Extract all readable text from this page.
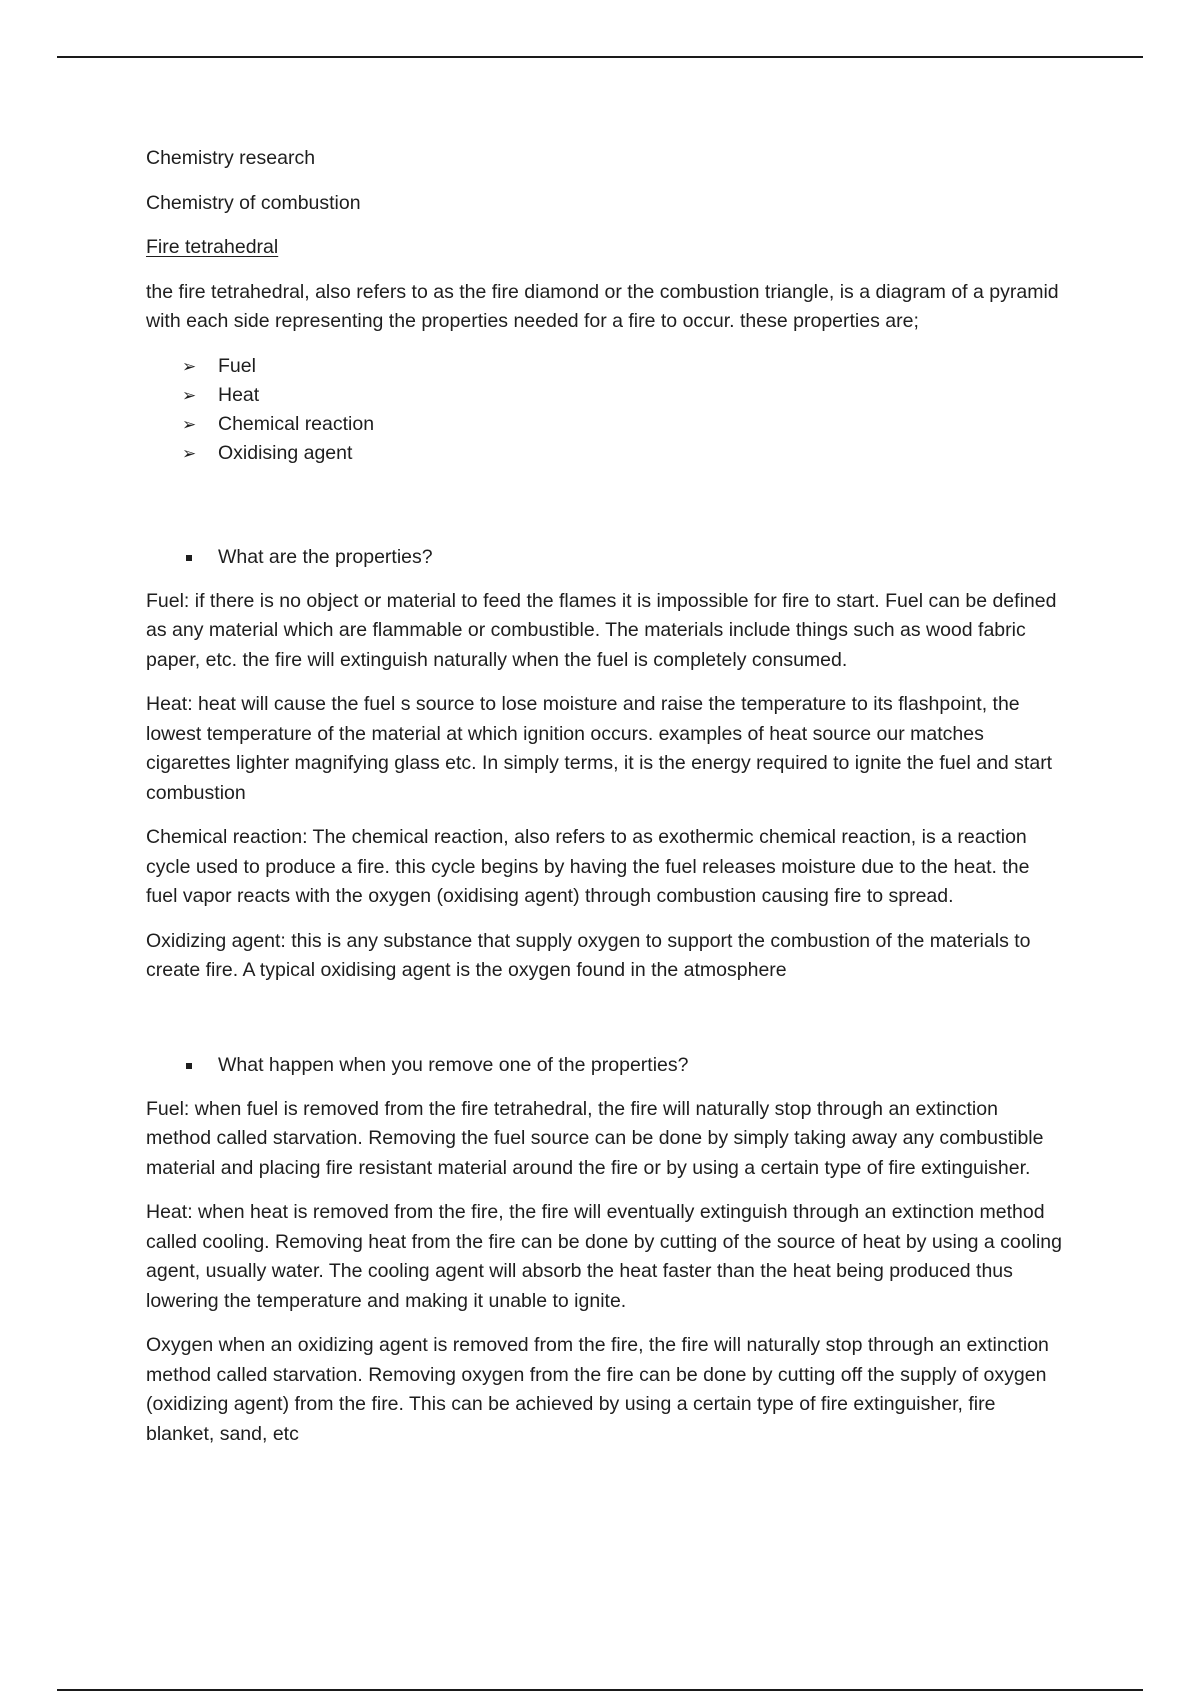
Chemistry research

Chemistry of combustion

Fire tetrahedral

the fire tetrahedral, also refers to as the fire diamond or the combustion triangle, is a diagram of a pyramid with each side representing the properties needed for a fire to occur. these properties are;

➢ Fuel
➢ Heat
➢ Chemical reaction
➢ Oxidising agent
What are the properties?

Fuel: if there is no object or material to feed the flames it is impossible for fire to start. Fuel can be defined as any material which are flammable or combustible. The materials include things such as wood fabric paper, etc. the fire will extinguish naturally when the fuel is completely consumed.

Heat: heat will cause the fuel s source to lose moisture and raise the temperature to its flashpoint, the lowest temperature of the material at which ignition occurs. examples of heat source our matches cigarettes lighter magnifying glass etc. In simply terms, it is the energy required to ignite the fuel and start combustion

Chemical reaction: The chemical reaction, also refers to as exothermic chemical reaction, is a reaction cycle used to produce a fire. this cycle begins by having the fuel releases moisture due to the heat. the fuel vapor reacts with the oxygen (oxidising agent) through combustion causing fire to spread.

Oxidizing agent: this is any substance that supply oxygen to support the combustion of the materials to create fire. A typical oxidising agent is the oxygen found in the atmosphere

What happen when you remove one of the properties?

Fuel: when fuel is removed from the fire tetrahedral, the fire will naturally stop through an extinction method called starvation. Removing the fuel source can be done by simply taking away any combustible material and placing fire resistant material around the fire or by using a certain type of fire extinguisher.

Heat: when heat is removed from the fire, the fire will eventually extinguish through an extinction method called cooling. Removing heat from the fire can be done by cutting of the source of heat by using a cooling agent, usually water. The cooling agent will absorb the heat faster than the heat being produced thus lowering the temperature and making it unable to ignite.

Oxygen when an oxidizing agent is removed from the fire, the fire will naturally stop through an extinction method called starvation. Removing oxygen from the fire can be done by cutting off the supply of oxygen (oxidizing agent) from the fire. This can be achieved by using a certain type of fire extinguisher, fire blanket, sand, etc
